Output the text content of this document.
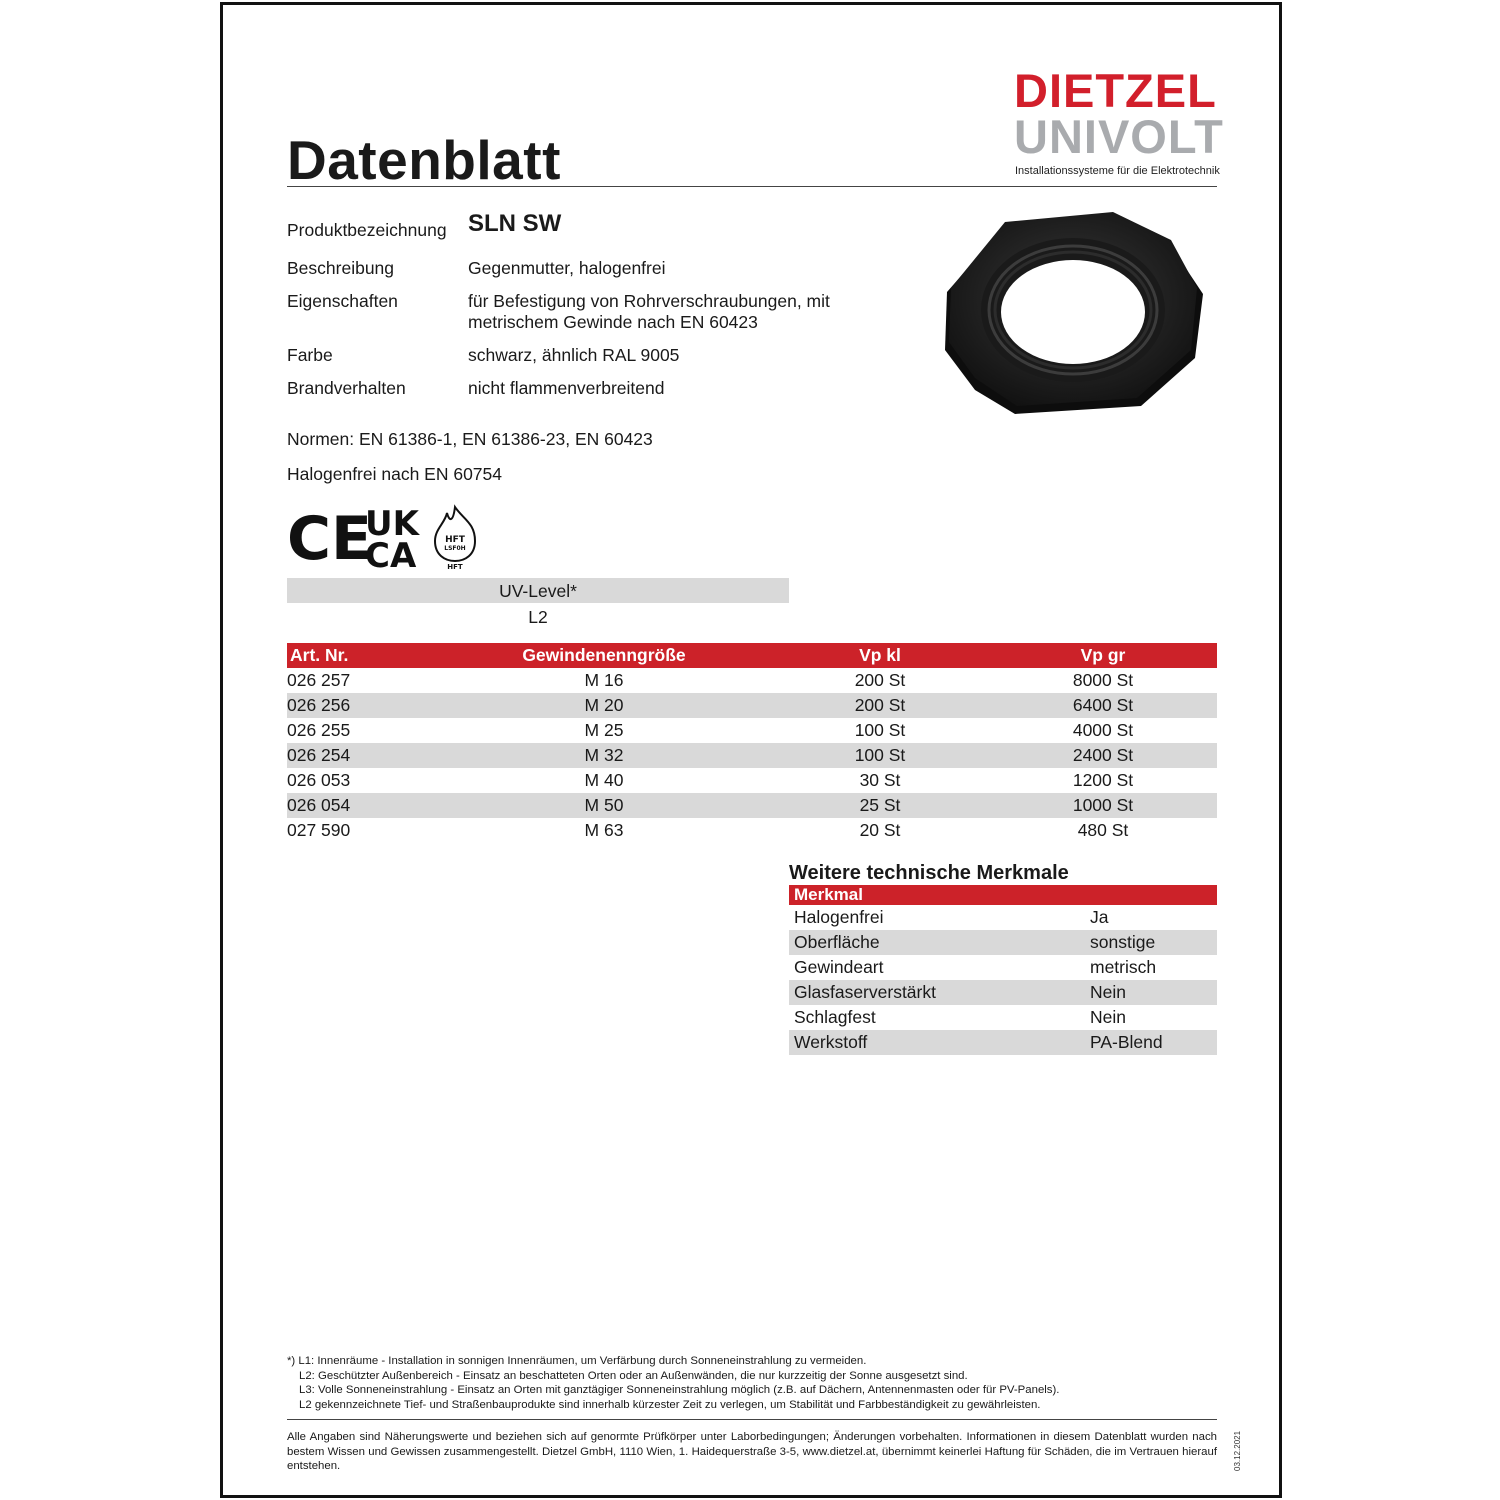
Datenblatt
DIETZEL
UNIVOLT
Installationssysteme für die Elektrotechnik
Produktbezeichnung SLN SW
Beschreibung	Gegenmutter, halogenfrei
Eigenschaften	für Befestigung von Rohrverschraubungen, mit
metrischem Gewinde nach EN 60423
Farbe	schwarz, ähnlich RAL 9005
Brandverhalten	nicht flammenverbreitend
Normen: EN 61386-1, EN 61386-23, EN 60423
Halogenfrei nach EN 60754
CE
UK
CA	HFT
LSF0H
HFT
UV-Level*
L2
Art. Nr.	Gewindenenngröße	Vp kl	Vp gr
026 257	M 16	200 St	8000 St
026 256	M 20	200 St	6400 St
026 255	M 25	100 St	4000 St
026 254	M 32	100 St	2400 St
026 053	M 40	30 St	1200 St
026 054	M 50	25 St	1000 St
027 590	M 63	20 St	480 St
Weitere technische Merkmale
Merkmal
Halogenfrei	Ja
Oberfläche	sonstige
Gewindeart	metrisch
Glasfaserverstärkt	Nein
Schlagfest	Nein
Werkstoff	PA-Blend
*) L1: Innenräume - Installation in sonnigen Innenräumen, um Verfärbung durch Sonneneinstrahlung zu vermeiden.
L2: Geschützter Außenbereich - Einsatz an beschatteten Orten oder an Außenwänden, die nur kurzzeitig der Sonne ausgesetzt sind.
L3: Volle Sonneneinstrahlung - Einsatz an Orten mit ganztägiger Sonneneinstrahlung möglich (z.B. auf Dächern, Antennenmasten oder für PV-Panels).
L2 gekennzeichnete Tief- und Straßenbauprodukte sind innerhalb kürzester Zeit zu verlegen, um Stabilität und Farbbeständigkeit zu gewährleisten.
Alle Angaben sind Näherungswerte und beziehen sich auf genormte Prüfkörper unter Laborbedingungen; Änderungen vorbehalten. Informationen in diesem Datenblatt wurden nach bestem Wissen und Gewissen zusammengestellt. Dietzel GmbH, 1110 Wien, 1. Haidequerstraße 3-5, www.dietzel.at, übernimmt keinerlei Haftung für Schäden, die im Vertrauen hierauf entstehen.	03.12.2021
